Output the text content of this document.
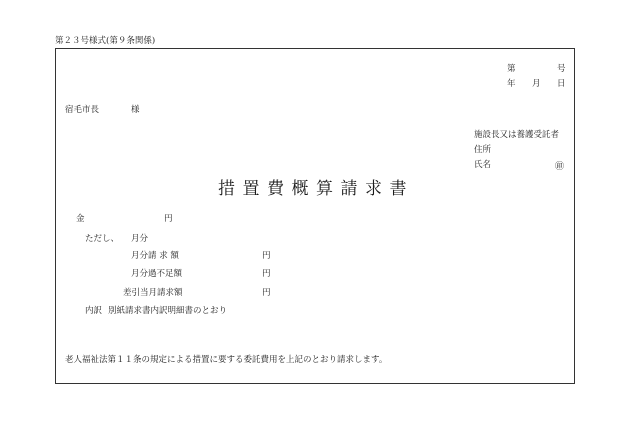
第２３号様式(第９条関係)
第	号
年 月 日
宿毛市長	様
施設長又は養護受託者
住所
氏名	㊞
措置費概算請求書
金	円
ただし、 月分
月分請 求 額	円
月分過不足額	円
差引当月請求額	円
内訳 別紙請求書内訳明細書のとおり
老人福祉法第１１条の規定による措置に要する委託費用を上記のとおり請求します。
